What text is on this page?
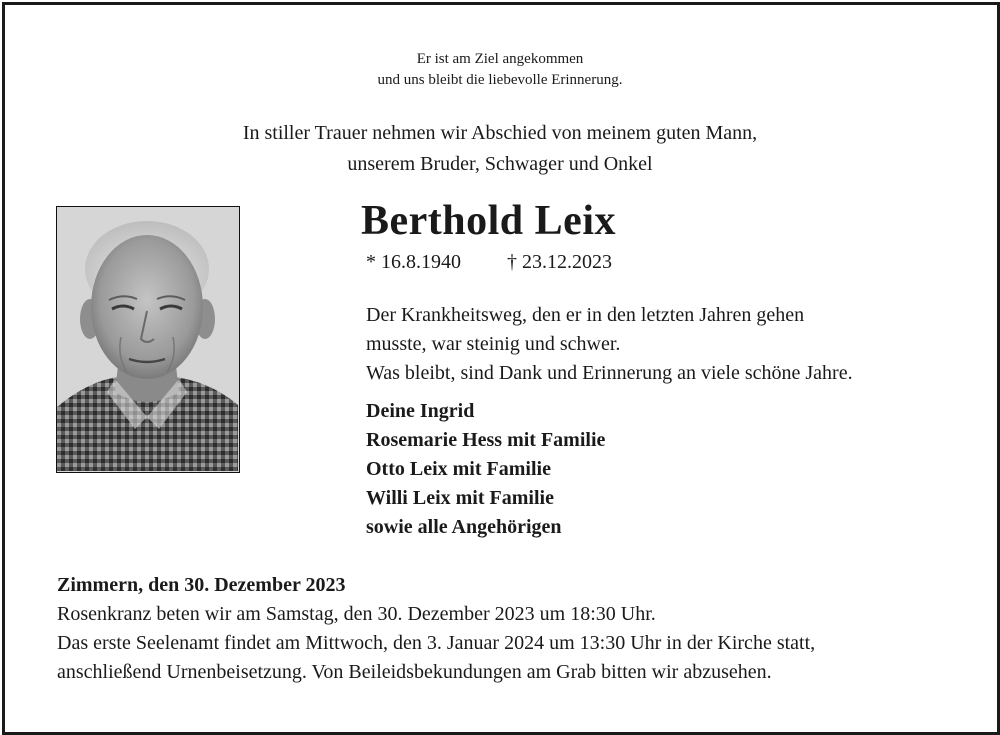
Er ist am Ziel angekommen
und uns bleibt die liebevolle Erinnerung.
In stiller Trauer nehmen wir Abschied von meinem guten Mann,
unserem Bruder, Schwager und Onkel
Berthold Leix
* 16.8.1940 † 23.12.2023
Der Krankheitsweg, den er in den letzten Jahren gehen
musste, war steinig und schwer.
Was bleibt, sind Dank und Erinnerung an viele schöne Jahre.
Deine Ingrid
Rosemarie Hess mit Familie
Otto Leix mit Familie
Willi Leix mit Familie
sowie alle Angehörigen
Zimmern, den 30. Dezember 2023
Rosenkranz beten wir am Samstag, den 30. Dezember 2023 um 18:30 Uhr.
Das erste Seelenamt findet am Mittwoch, den 3. Januar 2024 um 13:30 Uhr in der Kirche statt,
anschließend Urnenbeisetzung. Von Beileidsbekundungen am Grab bitten wir abzusehen.
